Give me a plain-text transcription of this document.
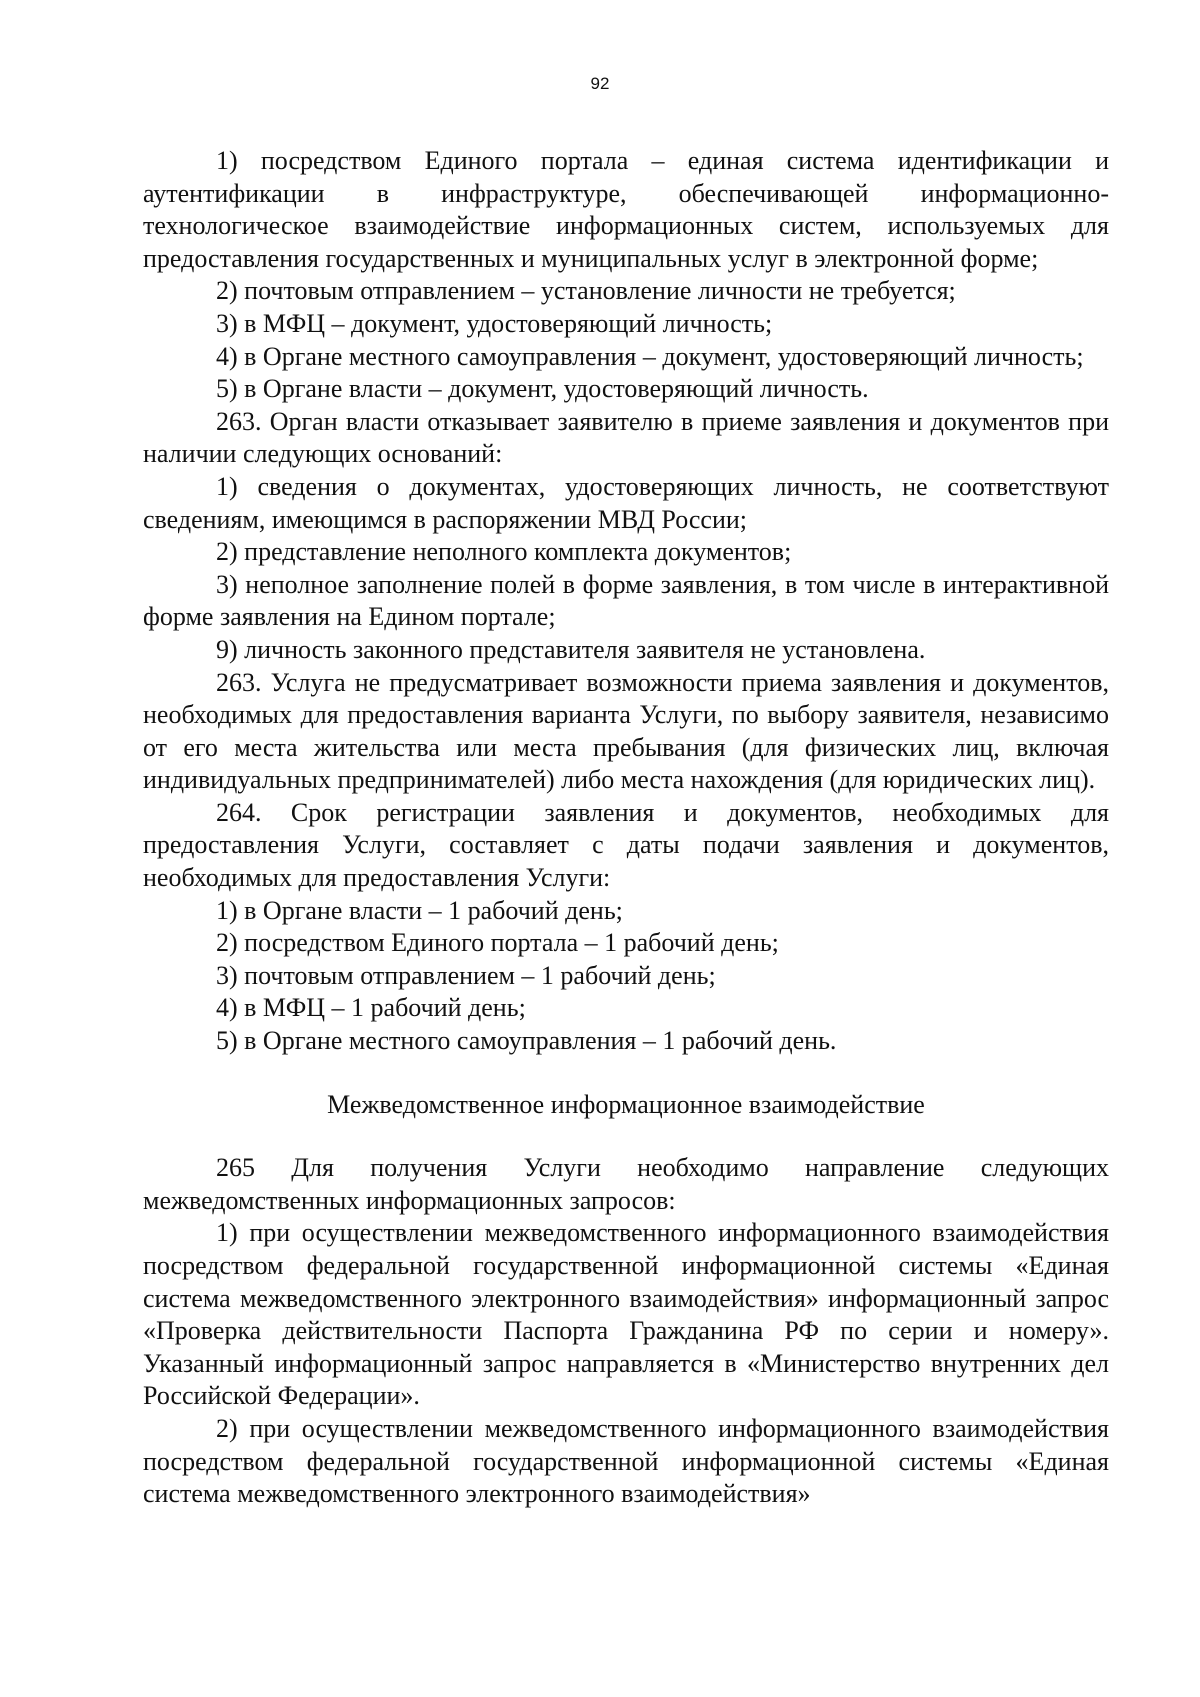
92

1) посредством Единого портала – единая система идентификации и аутентификации в инфраструктуре, обеспечивающей информационно-технологическое взаимодействие информационных систем, используемых для предоставления государственных и муниципальных услуг в электронной форме;

2) почтовым отправлением – установление личности не требуется;

3) в МФЦ – документ, удостоверяющий личность;

4) в Органе местного самоуправления – документ, удостоверяющий личность;

5) в Органе власти – документ, удостоверяющий личность.

263. Орган власти отказывает заявителю в приеме заявления и документов при наличии следующих оснований:

1) сведения о документах, удостоверяющих личность, не соответствуют сведениям, имеющимся в распоряжении МВД России;

2) представление неполного комплекта документов;

3) неполное заполнение полей в форме заявления, в том числе в интерактивной форме заявления на Едином портале;

9) личность законного представителя заявителя не установлена.

263. Услуга не предусматривает возможности приема заявления и документов, необходимых для предоставления варианта Услуги, по выбору заявителя, независимо от его места жительства или места пребывания (для физических лиц, включая индивидуальных предпринимателей) либо места нахождения (для юридических лиц).

264. Срок регистрации заявления и документов, необходимых для предоставления Услуги, составляет с даты подачи заявления и документов, необходимых для предоставления Услуги:

1) в Органе власти – 1 рабочий день;

2) посредством Единого портала – 1 рабочий день;

3) почтовым отправлением – 1 рабочий день;

4) в МФЦ – 1 рабочий день;

5) в Органе местного самоуправления – 1 рабочий день.

Межведомственное информационное взаимодействие

265 Для получения Услуги необходимо направление следующих межведомственных информационных запросов:

1) при осуществлении межведомственного информационного взаимодействия посредством федеральной государственной информационной системы «Единая система межведомственного электронного взаимодействия» информационный запрос «Проверка действительности Паспорта Гражданина РФ по серии и номеру». Указанный информационный запрос направляется в «Министерство внутренних дел Российской Федерации».

2) при осуществлении межведомственного информационного взаимодействия посредством федеральной государственной информационной системы «Единая система межведомственного электронного взаимодействия»
